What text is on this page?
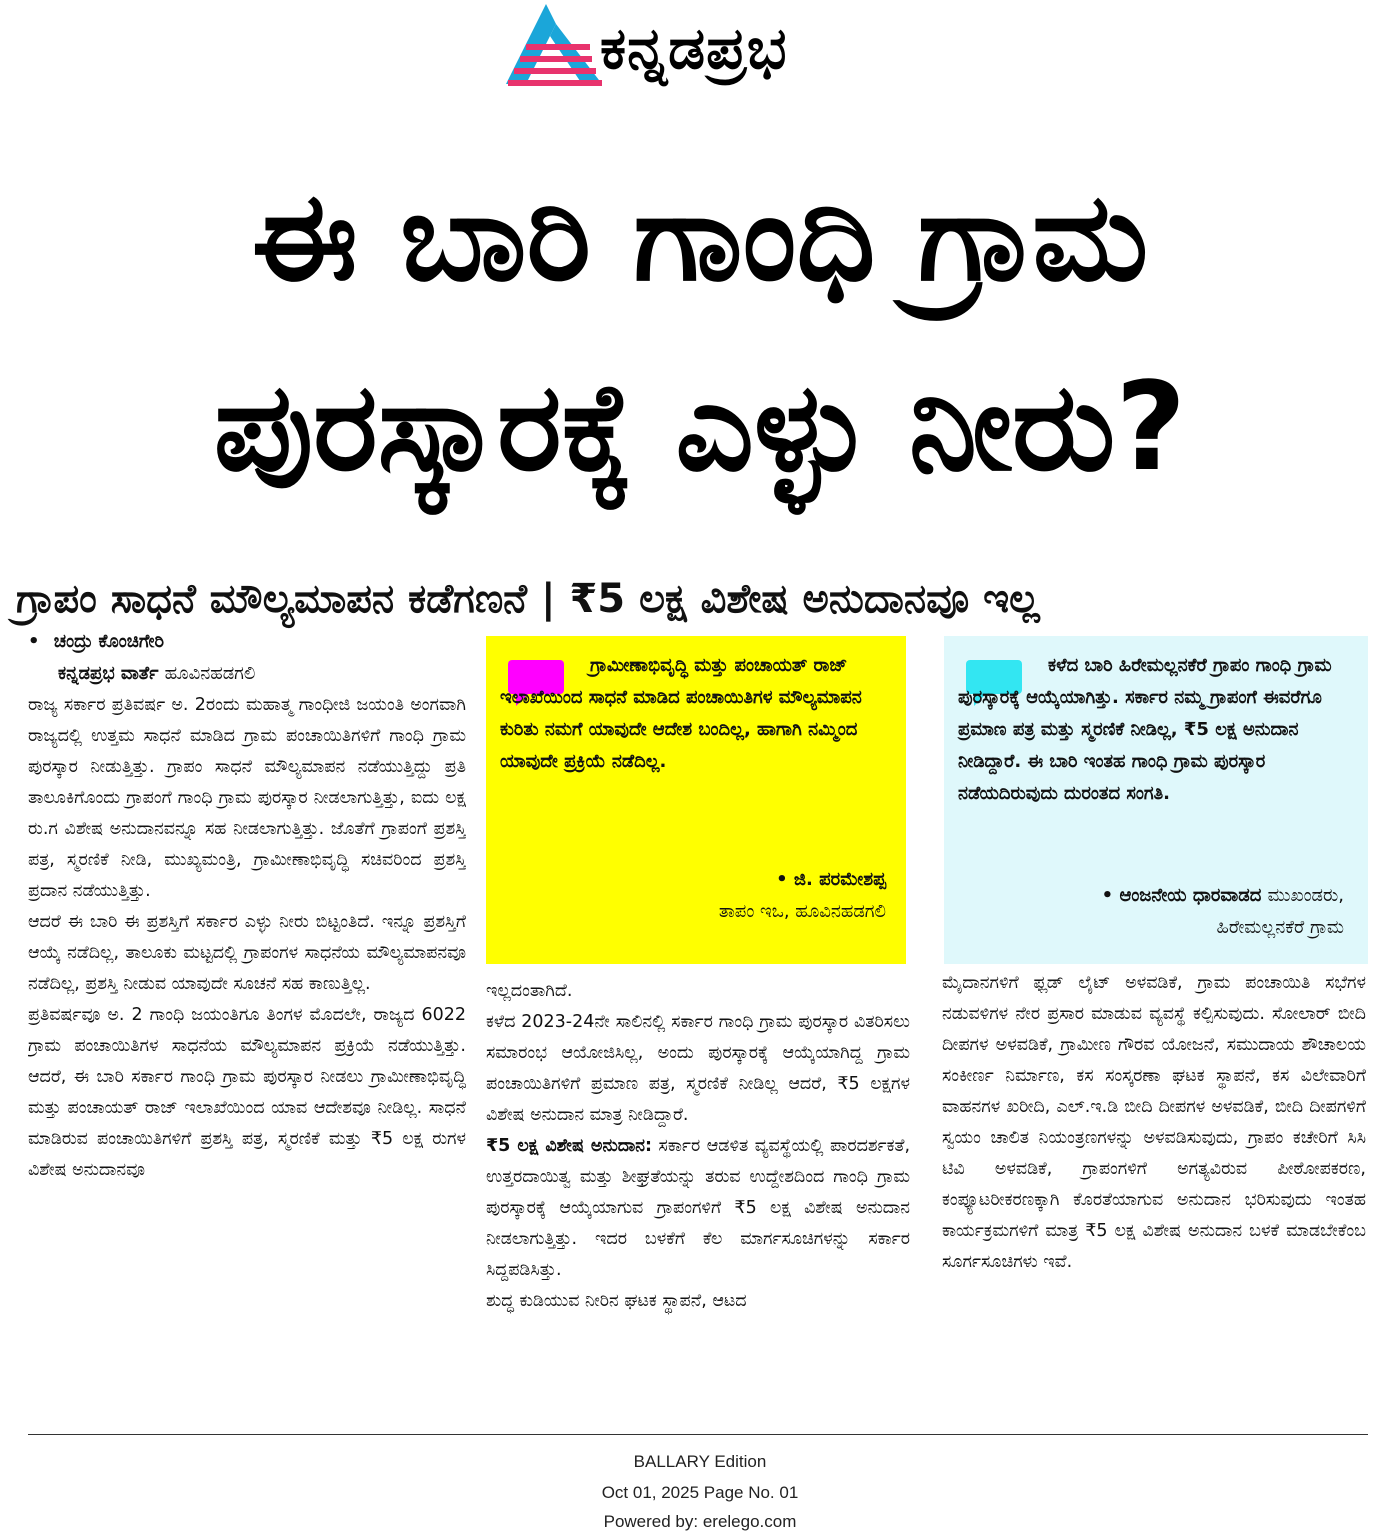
ಕನ್ನಡಪ್ರಭ
ಈ ಬಾರಿ ಗಾಂಧಿ ಗ್ರಾಮ
ಪುರಸ್ಕಾರಕ್ಕೆ ಎಳ್ಳು ನೀರು?
ಗ್ರಾಪಂ ಸಾಧನೆ ಮೌಲ್ಯಮಾಪನ ಕಡೆಗಣನೆ | ₹5 ಲಕ್ಷ ವಿಶೇಷ ಅನುದಾನವೂ ಇಲ್ಲ
• ಚಂದ್ರು ಕೊಂಚಿಗೇರಿ
ಕನ್ನಡಪ್ರಭ ವಾರ್ತೆ ಹೂವಿನಹಡಗಲಿ

ರಾಜ್ಯ ಸರ್ಕಾರ ಪ್ರತಿವರ್ಷ ಅ. 2ರಂದು ಮಹಾತ್ಮ ಗಾಂಧೀಜಿ ಜಯಂತಿ ಅಂಗವಾಗಿ ರಾಜ್ಯದಲ್ಲಿ ಉತ್ತಮ ಸಾಧನೆ ಮಾಡಿದ ಗ್ರಾಮ ಪಂಚಾಯಿತಿಗಳಿಗೆ ಗಾಂಧಿ ಗ್ರಾಮ ಪುರಸ್ಕಾರ ನೀಡುತ್ತಿತ್ತು. ಗ್ರಾಪಂ ಸಾಧನೆ ಮೌಲ್ಯಮಾಪನ ನಡೆಯುತ್ತಿದ್ದು ಪ್ರತಿ ತಾಲೂಕಿಗೊಂದು ಗ್ರಾಪಂಗೆ ಗಾಂಧಿ ಗ್ರಾಮ ಪುರಸ್ಕಾರ ನೀಡಲಾಗುತ್ತಿತ್ತು, ಐದು ಲಕ್ಷ ರು.ಗ ವಿಶೇಷ ಅನುದಾನವನ್ನೂ ಸಹ ನೀಡಲಾಗುತ್ತಿತ್ತು. ಜೊತೆಗೆ ಗ್ರಾಪಂಗೆ ಪ್ರಶಸ್ತಿ ಪತ್ರ, ಸ್ಮರಣಿಕೆ ನೀಡಿ, ಮುಖ್ಯಮಂತ್ರಿ, ಗ್ರಾಮೀಣಾಭಿವೃದ್ಧಿ ಸಚಿವರಿಂದ ಪ್ರಶಸ್ತಿ ಪ್ರದಾನ ನಡೆಯುತ್ತಿತ್ತು.

ಆದರೆ ಈ ಬಾರಿ ಈ ಪ್ರಶಸ್ತಿಗೆ ಸರ್ಕಾರ ಎಳ್ಳು ನೀರು ಬಿಟ್ಟಂತಿದೆ. ಇನ್ನೂ ಪ್ರಶಸ್ತಿಗೆ ಆಯ್ಕೆ ನಡೆದಿಲ್ಲ, ತಾಲೂಕು ಮಟ್ಟದಲ್ಲಿ ಗ್ರಾಪಂಗಳ ಸಾಧನೆಯ ಮೌಲ್ಯಮಾಪನವೂ ನಡೆದಿಲ್ಲ, ಪ್ರಶಸ್ತಿ ನೀಡುವ ಯಾವುದೇ ಸೂಚನೆ ಸಹ ಕಾಣುತ್ತಿಲ್ಲ.

ಪ್ರತಿವರ್ಷವೂ ಅ. 2 ಗಾಂಧಿ ಜಯಂತಿಗೂ ತಿಂಗಳ ಮೊದಲೇ, ರಾಜ್ಯದ 6022 ಗ್ರಾಮ ಪಂಚಾಯಿತಿಗಳ ಸಾಧನೆಯ ಮೌಲ್ಯಮಾಪನ ಪ್ರಕ್ರಿಯೆ ನಡೆಯುತ್ತಿತ್ತು. ಆದರೆ, ಈ ಬಾರಿ ಸರ್ಕಾರ ಗಾಂಧಿ ಗ್ರಾಮ ಪುರಸ್ಕಾರ ನೀಡಲು ಗ್ರಾಮೀಣಾಭಿವೃದ್ಧಿ ಮತ್ತು ಪಂಚಾಯತ್ ರಾಜ್ ಇಲಾಖೆಯಿಂದ ಯಾವ ಆದೇಶವೂ ನೀಡಿಲ್ಲ. ಸಾಧನೆ ಮಾಡಿರುವ ಪಂಚಾಯಿತಿಗಳಿಗೆ ಪ್ರಶಸ್ತಿ ಪತ್ರ, ಸ್ಮರಣಿಕೆ ಮತ್ತು ₹5 ಲಕ್ಷ ರುಗಳ ವಿಶೇಷ ಅನುದಾನವೂ

ಗ್ರಾಮೀಣಾಭಿವೃದ್ಧಿ ಮತ್ತು ಪಂಚಾಯತ್ ರಾಜ್ ಇಲಾಖೆಯಿಂದ ಸಾಧನೆ ಮಾಡಿದ ಪಂಚಾಯಿತಿಗಳ ಮೌಲ್ಯಮಾಪನ ಕುರಿತು ನಮಗೆ ಯಾವುದೇ ಆದೇಶ ಬಂದಿಲ್ಲ, ಹಾಗಾಗಿ ನಮ್ಮಿಂದ ಯಾವುದೇ ಪ್ರಕ್ರಿಯೆ ನಡೆದಿಲ್ಲ.
• ಜಿ. ಪರಮೇಶಪ್ಪ
ತಾಪಂ ಇಒ, ಹೂವಿನಹಡಗಲಿ
ಕಳೆದ ಬಾರಿ ಹಿರೇಮಲ್ಲನಕೆರೆ ಗ್ರಾಪಂ ಗಾಂಧಿ ಗ್ರಾಮ ಪುರಸ್ಕಾರಕ್ಕೆ ಆಯ್ಕೆಯಾಗಿತ್ತು. ಸರ್ಕಾರ ನಮ್ಮ ಗ್ರಾಪಂಗೆ ಈವರೆಗೂ ಪ್ರಮಾಣ ಪತ್ರ ಮತ್ತು ಸ್ಮರಣಿಕೆ ನೀಡಿಲ್ಲ, ₹5 ಲಕ್ಷ ಅನುದಾನ ನೀಡಿದ್ದಾರೆ. ಈ ಬಾರಿ ಇಂತಹ ಗಾಂಧಿ ಗ್ರಾಮ ಪುರಸ್ಕಾರ ನಡೆಯದಿರುವುದು ದುರಂತದ ಸಂಗತಿ.
• ಆಂಜನೇಯ ಧಾರವಾಡದ ಮುಖಂಡರು,
ಹಿರೇಮಲ್ಲನಕೆರೆ ಗ್ರಾಮ

ಇಲ್ಲದಂತಾಗಿದೆ.

ಕಳೆದ 2023-24ನೇ ಸಾಲಿನಲ್ಲಿ ಸರ್ಕಾರ ಗಾಂಧಿ ಗ್ರಾಮ ಪುರಸ್ಕಾರ ವಿತರಿಸಲು ಸಮಾರಂಭ ಆಯೋಜಿಸಿಲ್ಲ, ಅಂದು ಪುರಸ್ಕಾರಕ್ಕೆ ಆಯ್ಕೆಯಾಗಿದ್ದ ಗ್ರಾಮ ಪಂಚಾಯಿತಿಗಳಿಗೆ ಪ್ರಮಾಣ ಪತ್ರ, ಸ್ಮರಣಿಕೆ ನೀಡಿಲ್ಲ ಆದರೆ, ₹5 ಲಕ್ಷಗಳ ವಿಶೇಷ ಅನುದಾನ ಮಾತ್ರ ನೀಡಿದ್ದಾರೆ.

₹5 ಲಕ್ಷ ವಿಶೇಷ ಅನುದಾನ: ಸರ್ಕಾರ ಆಡಳಿತ ವ್ಯವಸ್ಥೆಯಲ್ಲಿ ಪಾರದರ್ಶಕತೆ, ಉತ್ತರದಾಯಿತ್ವ ಮತ್ತು ಶೀಘ್ರತೆಯನ್ನು ತರುವ ಉದ್ದೇಶದಿಂದ ಗಾಂಧಿ ಗ್ರಾಮ ಪುರಸ್ಕಾರಕ್ಕೆ ಆಯ್ಕೆಯಾಗುವ ಗ್ರಾಪಂಗಳಿಗೆ ₹5 ಲಕ್ಷ ವಿಶೇಷ ಅನುದಾನ ನೀಡಲಾಗುತ್ತಿತ್ತು. ಇದರ ಬಳಕೆಗೆ ಕೆಲ ಮಾರ್ಗಸೂಚಿಗಳನ್ನು ಸರ್ಕಾರ ಸಿದ್ದಪಡಿಸಿತ್ತು.

ಶುದ್ಧ ಕುಡಿಯುವ ನೀರಿನ ಘಟಕ ಸ್ಥಾಪನೆ, ಆಟದ

ಮೈದಾನಗಳಿಗೆ ಫ್ಲಡ್ ಲೈಟ್ ಅಳವಡಿಕೆ, ಗ್ರಾಮ ಪಂಚಾಯಿತಿ ಸಭೆಗಳ ನಡುವಳಿಗಳ ನೇರ ಪ್ರಸಾರ ಮಾಡುವ ವ್ಯವಸ್ಥೆ ಕಲ್ಪಿಸುವುದು. ಸೋಲಾರ್ ಬೀದಿ ದೀಪಗಳ ಅಳವಡಿಕೆ, ಗ್ರಾಮೀಣ ಗೌರವ ಯೋಜನೆ, ಸಮುದಾಯ ಶೌಚಾಲಯ ಸಂಕೀರ್ಣ ನಿರ್ಮಾಣ, ಕಸ ಸಂಸ್ಕರಣಾ ಘಟಕ ಸ್ಥಾಪನೆ, ಕಸ ವಿಲೇವಾರಿಗೆ ವಾಹನಗಳ ಖರೀದಿ, ಎಲ್.ಇ.ಡಿ ಬೀದಿ ದೀಪಗಳ ಅಳವಡಿಕೆ, ಬೀದಿ ದೀಪಗಳಿಗೆ ಸ್ವಯಂ ಚಾಲಿತ ನಿಯಂತ್ರಣಗಳನ್ನು ಅಳವಡಿಸುವುದು, ಗ್ರಾಪಂ ಕಚೇರಿಗೆ ಸಿಸಿ ಟಿವಿ ಅಳವಡಿಕೆ, ಗ್ರಾಪಂಗಳಿಗೆ ಅಗತ್ಯವಿರುವ ಪೀಠೋಪಕರಣ, ಕಂಪ್ಯೂಟರೀಕರಣಕ್ಕಾಗಿ ಕೊರತೆಯಾಗುವ ಅನುದಾನ ಭರಿಸುವುದು ಇಂತಹ ಕಾರ್ಯಕ್ರಮಗಳಿಗೆ ಮಾತ್ರ ₹5 ಲಕ್ಷ ವಿಶೇಷ ಅನುದಾನ ಬಳಕೆ ಮಾಡಬೇಕೆಂಬ ಸೂರ್ಗಸೂಚಿಗಳು ಇವೆ.

BALLARY Edition
Oct 01, 2025 Page No. 01
Powered by: erelego.com
